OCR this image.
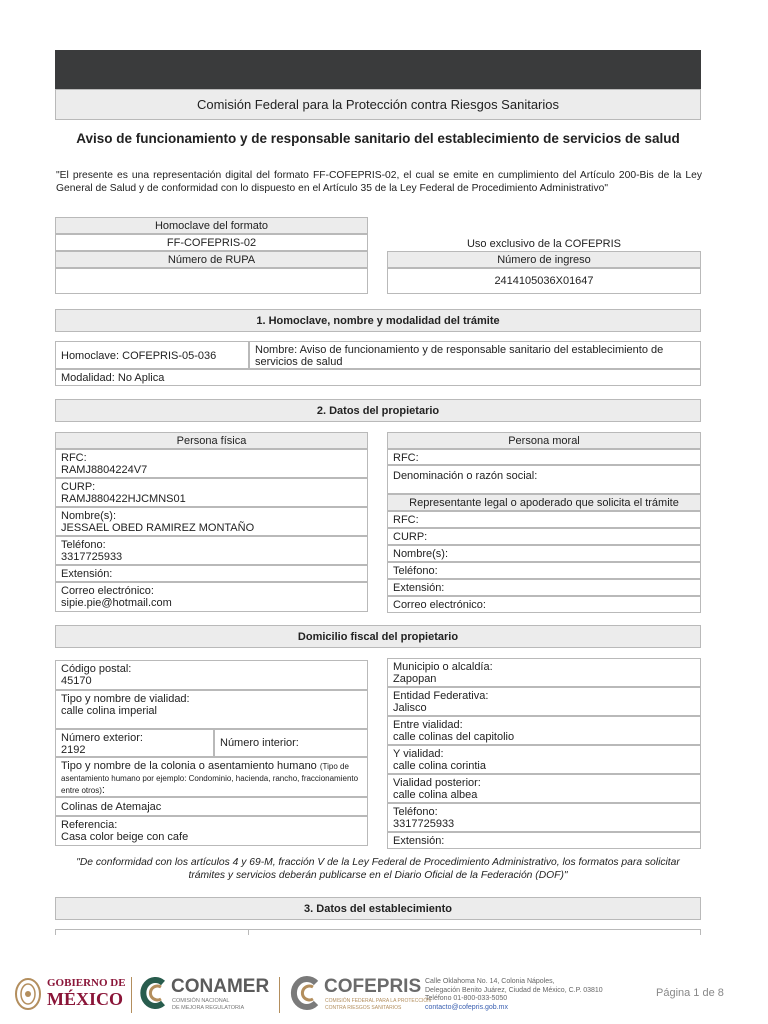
Comisión Federal para la Protección contra Riesgos Sanitarios
Aviso de funcionamiento y de responsable sanitario del establecimiento de servicios de salud
"El presente es una representación digital del formato FF-COFEPRIS-02, el cual se emite en cumplimiento del Artículo 200-Bis de la Ley General de Salud y de conformidad con lo dispuesto en el Artículo 35 de la Ley Federal de Procedimiento Administrativo"
Homoclave del formato
FF-COFEPRIS-02
Número de RUPA
Uso exclusivo de la COFEPRIS
Número de ingreso
2414105036X01647
1. Homoclave, nombre y modalidad del trámite
Homoclave: COFEPRIS-05-036	Nombre: Aviso de funcionamiento y de responsable sanitario del establecimiento de servicios de salud
Modalidad: No Aplica
2. Datos del propietario
Persona física
RFC:
RAMJ8804224V7
CURP:
RAMJ880422HJCMNS01
Nombre(s):
JESSAEL OBED RAMIREZ MONTAÑO
Teléfono:
3317725933
Extensión:
Correo electrónico:
sipie.pie@hotmail.com
Persona moral
RFC:
Denominación o razón social:
Representante legal o apoderado que solicita el trámite
RFC:
CURP:
Nombre(s):
Teléfono:
Extensión:
Correo electrónico:
Domicilio fiscal del propietario
Código postal:
45170
Tipo y nombre de vialidad:
calle colina imperial
Número exterior:
2192
Número interior:
Tipo y nombre de la colonia o asentamiento humano (Tipo de asentamiento humano por ejemplo: Condominio, hacienda, rancho, fraccionamiento entre otros):
Colinas de Atemajac
Referencia:
Casa color beige con cafe
Municipio o alcaldía:
Zapopan
Entidad Federativa:
Jalisco
Entre vialidad:
calle colinas del capitolio
Y vialidad:
calle colina corintia
Vialidad posterior:
calle colina albea
Teléfono:
3317725933
Extensión:
"De conformidad con los artículos 4 y 69-M, fracción V de la Ley Federal de Procedimiento Administrativo, los formatos para solicitar trámites y servicios deberán publicarse en el Diario Oficial de la Federación (DOF)"
3. Datos del establecimiento
GOBIERNO DE
MÉXICO
CONAMER
COMISIÓN NACIONAL
DE MEJORA REGULATORIA
COFEPRIS
COMISIÓN FEDERAL PARA LA PROTECCIÓN
CONTRA RIESGOS SANITARIOS
Calle Oklahoma No. 14, Colonia Nápoles,
Delegación Benito Juárez, Ciudad de México, C.P. 03810
Teléfono 01-800-033-5050
contacto@cofepris.gob.mx
Página 1 de 8
